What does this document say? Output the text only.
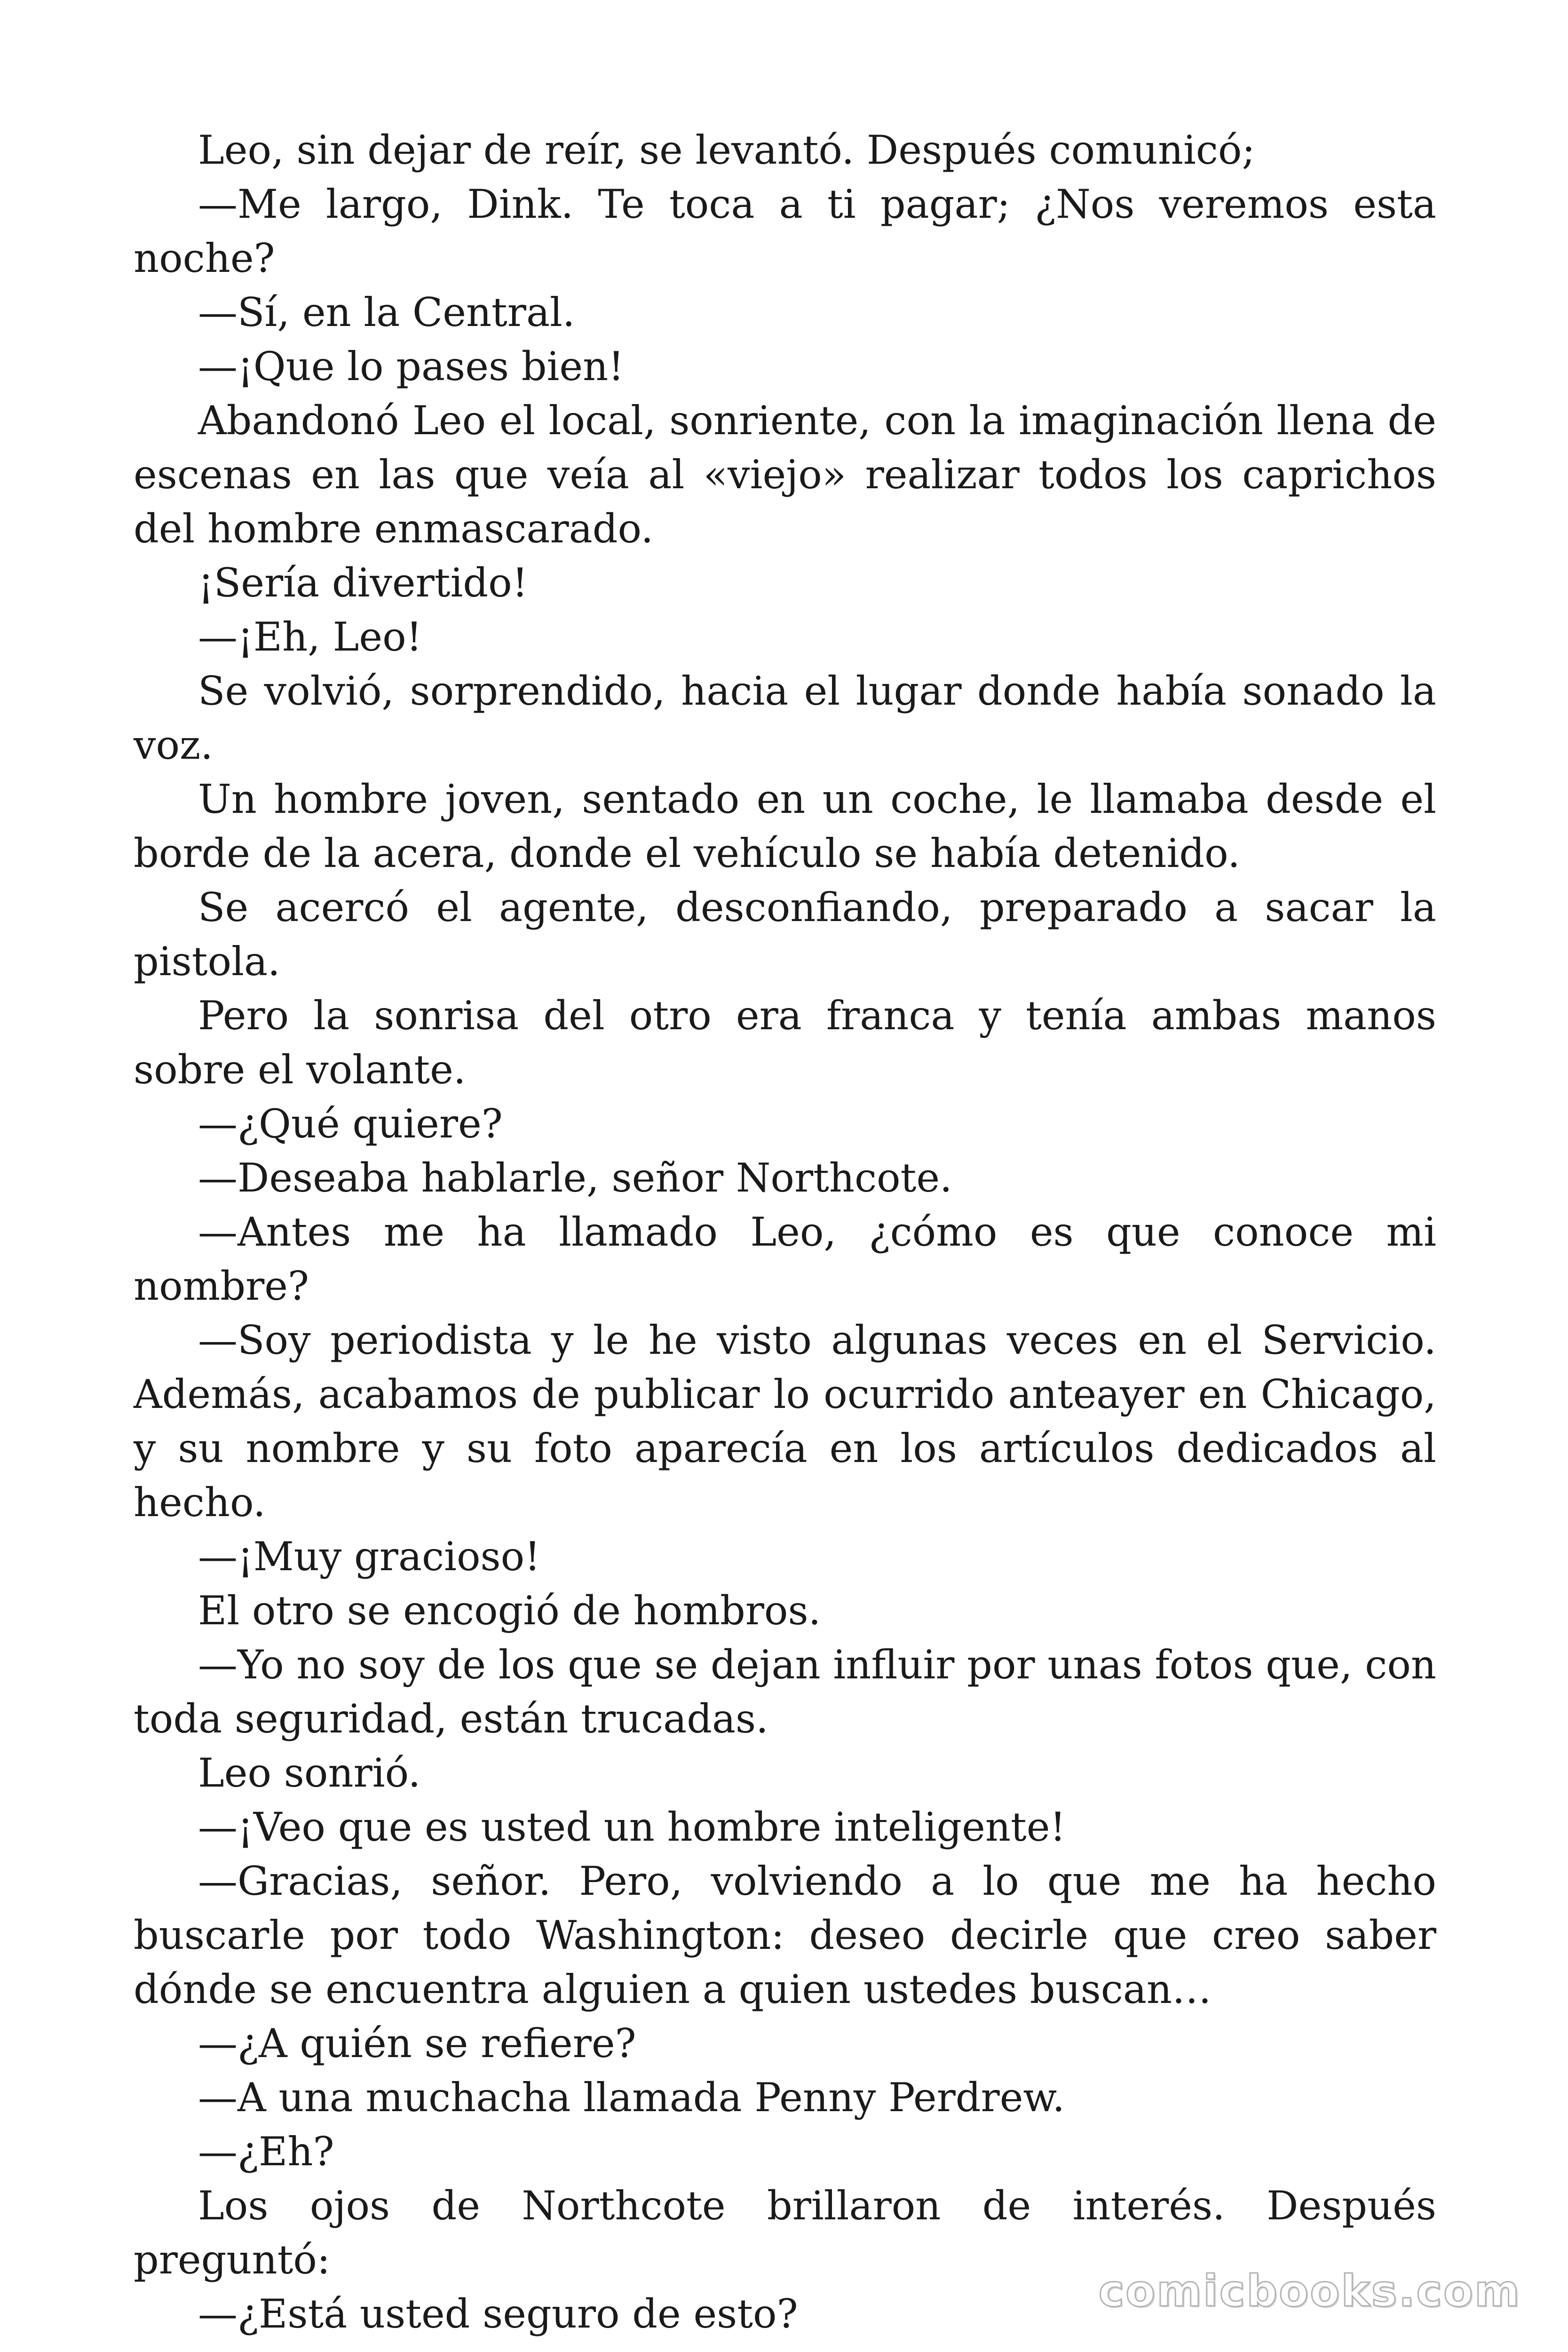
Leo, sin dejar de reír, se levantó. Después comunicó;

—Me largo, Dink. Te toca a ti pagar; ¿Nos veremos esta noche?

—Sí, en la Central.

—¡Que lo pases bien!

Abandonó Leo el local, sonriente, con la imaginación llena de escenas en las que veía al «viejo» realizar todos los caprichos del hombre enmascarado.

¡Sería divertido!

—¡Eh, Leo!

Se volvió, sorprendido, hacia el lugar donde había sonado la voz.

Un hombre joven, sentado en un coche, le llamaba desde el borde de la acera, donde el vehículo se había detenido.

Se acercó el agente, desconfiando, preparado a sacar la pistola.

Pero la sonrisa del otro era franca y tenía ambas manos sobre el volante.

—¿Qué quiere?

—Deseaba hablarle, señor Northcote.

—Antes me ha llamado Leo, ¿cómo es que conoce mi nombre?

—Soy periodista y le he visto algunas veces en el Servicio. Además, acabamos de publicar lo ocurrido anteayer en Chicago, y su nombre y su foto aparecía en los artículos dedicados al hecho.

—¡Muy gracioso!

El otro se encogió de hombros.

—Yo no soy de los que se dejan influir por unas fotos que, con toda seguridad, están trucadas.

Leo sonrió.

—¡Veo que es usted un hombre inteligente!

—Gracias, señor. Pero, volviendo a lo que me ha hecho buscarle por todo Washington: deseo decirle que creo saber dónde se encuentra alguien a quien ustedes buscan…

—¿A quién se refiere?

—A una muchacha llamada Penny Perdrew.

—¿Eh?

Los ojos de Northcote brillaron de interés. Después preguntó:

—¿Está usted seguro de esto?	comicbooks.com
